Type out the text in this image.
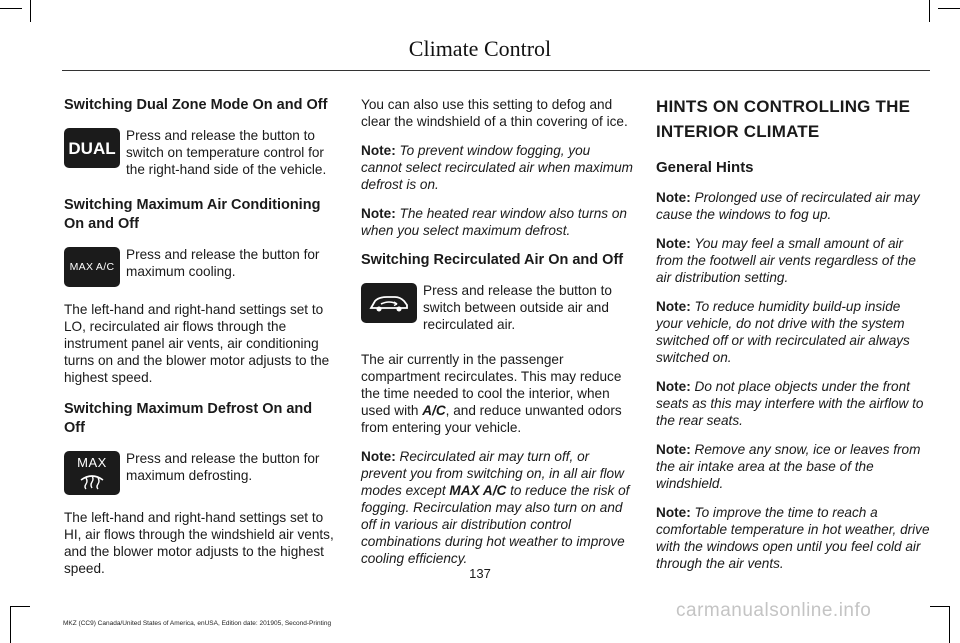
Climate Control
Switching Dual Zone Mode On and Off
DUAL
Press and release the button to switch on temperature control for the right-hand side of the vehicle.
Switching Maximum Air Conditioning On and Off
MAX A/C
Press and release the button for maximum cooling.

The left-hand and right-hand settings set to LO, recirculated air flows through the instrument panel air vents, air conditioning turns on and the blower motor adjusts to the highest speed.

Switching Maximum Defrost On and Off
MAX Press and release the button for maximum defrosting.

The left-hand and right-hand settings set to HI, air flows through the windshield air vents, and the blower motor adjusts to the highest speed.

You can also use this setting to defog and clear the windshield of a thin covering of ice.

Note: To prevent window fogging, you cannot select recirculated air when maximum defrost is on.

Note: The heated rear window also turns on when you select maximum defrost.

Switching Recirculated Air On and Off
Press and release the button to switch between outside air and recirculated air.

The air currently in the passenger compartment recirculates. This may reduce the time needed to cool the interior, when used with A/C, and reduce unwanted odors from entering your vehicle.

Note: Recirculated air may turn off, or prevent you from switching on, in all air flow modes except MAX A/C to reduce the risk of fogging. Recirculation may also turn on and off in various air distribution control combinations during hot weather to improve cooling efficiency.

HINTS ON CONTROLLING THE
INTERIOR CLIMATE
General Hints

Note: Prolonged use of recirculated air may cause the windows to fog up.

Note: You may feel a small amount of air from the footwell air vents regardless of the air distribution setting.

Note: To reduce humidity build-up inside your vehicle, do not drive with the system switched off or with recirculated air always switched on.

Note: Do not place objects under the front seats as this may interfere with the airflow to the rear seats.

Note: Remove any snow, ice or leaves from the air intake area at the base of the windshield.

Note: To improve the time to reach a comfortable temperature in hot weather, drive with the windows open until you feel cold air through the air vents.

137
MKZ (CC9) Canada/United States of America, enUSA, Edition date: 201905, Second-Printing
carmanualsonline.info
